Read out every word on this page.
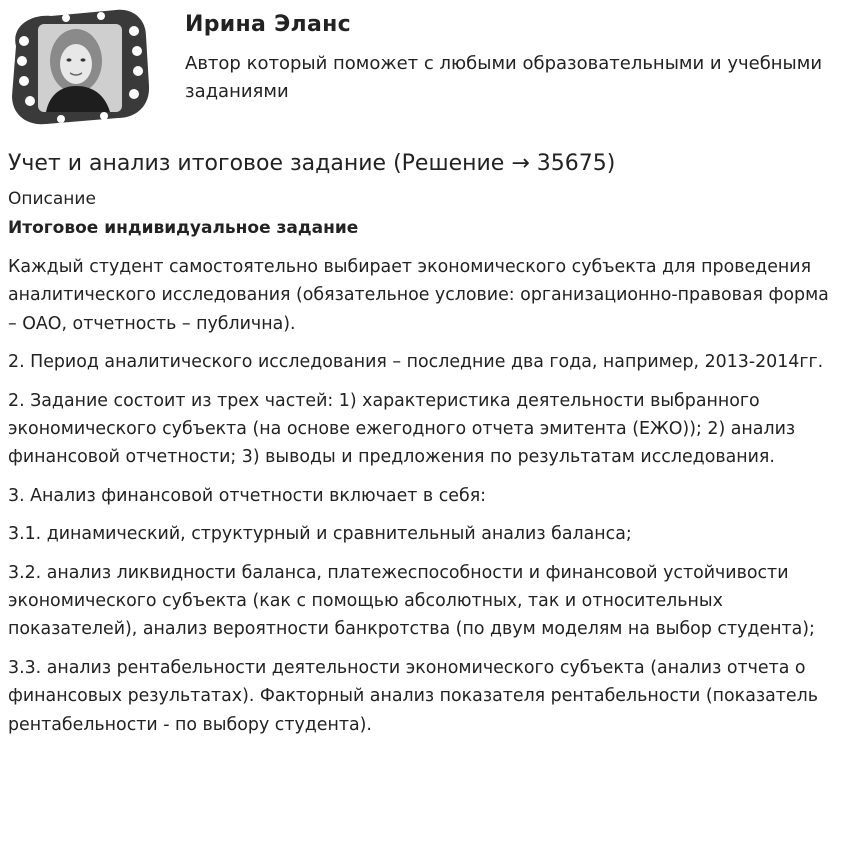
Ирина Эланс
Автор который поможет с любыми образовательными и учебными заданиями
Учет и анализ итоговое задание (Решение → 35675)
Описание
Итоговое индивидуальное задание

Каждый студент самостоятельно выбирает экономического субъекта для проведения аналитического исследования (обязательное условие: организационно-правовая форма – ОАО, отчетность – публична).

2. Период аналитического исследования – последние два года, например, 2013-2014гг.

2. Задание состоит из трех частей: 1) характеристика деятельности выбранного экономического субъекта (на основе ежегодного отчета эмитента (ЕЖО)); 2) анализ финансовой отчетности; 3) выводы и предложения по результатам исследования.

3. Анализ финансовой отчетности включает в себя:

3.1. динамический, структурный и сравнительный анализ баланса;

3.2. анализ ликвидности баланса, платежеспособности и финансовой устойчивости экономического субъекта (как с помощью абсолютных, так и относительных показателей), анализ вероятности банкротства (по двум моделям на выбор студента);

3.3. анализ рентабельности деятельности экономического субъекта (анализ отчета о финансовых результатах). Факторный анализ показателя рентабельности (показатель рентабельности - по выбору студента).
